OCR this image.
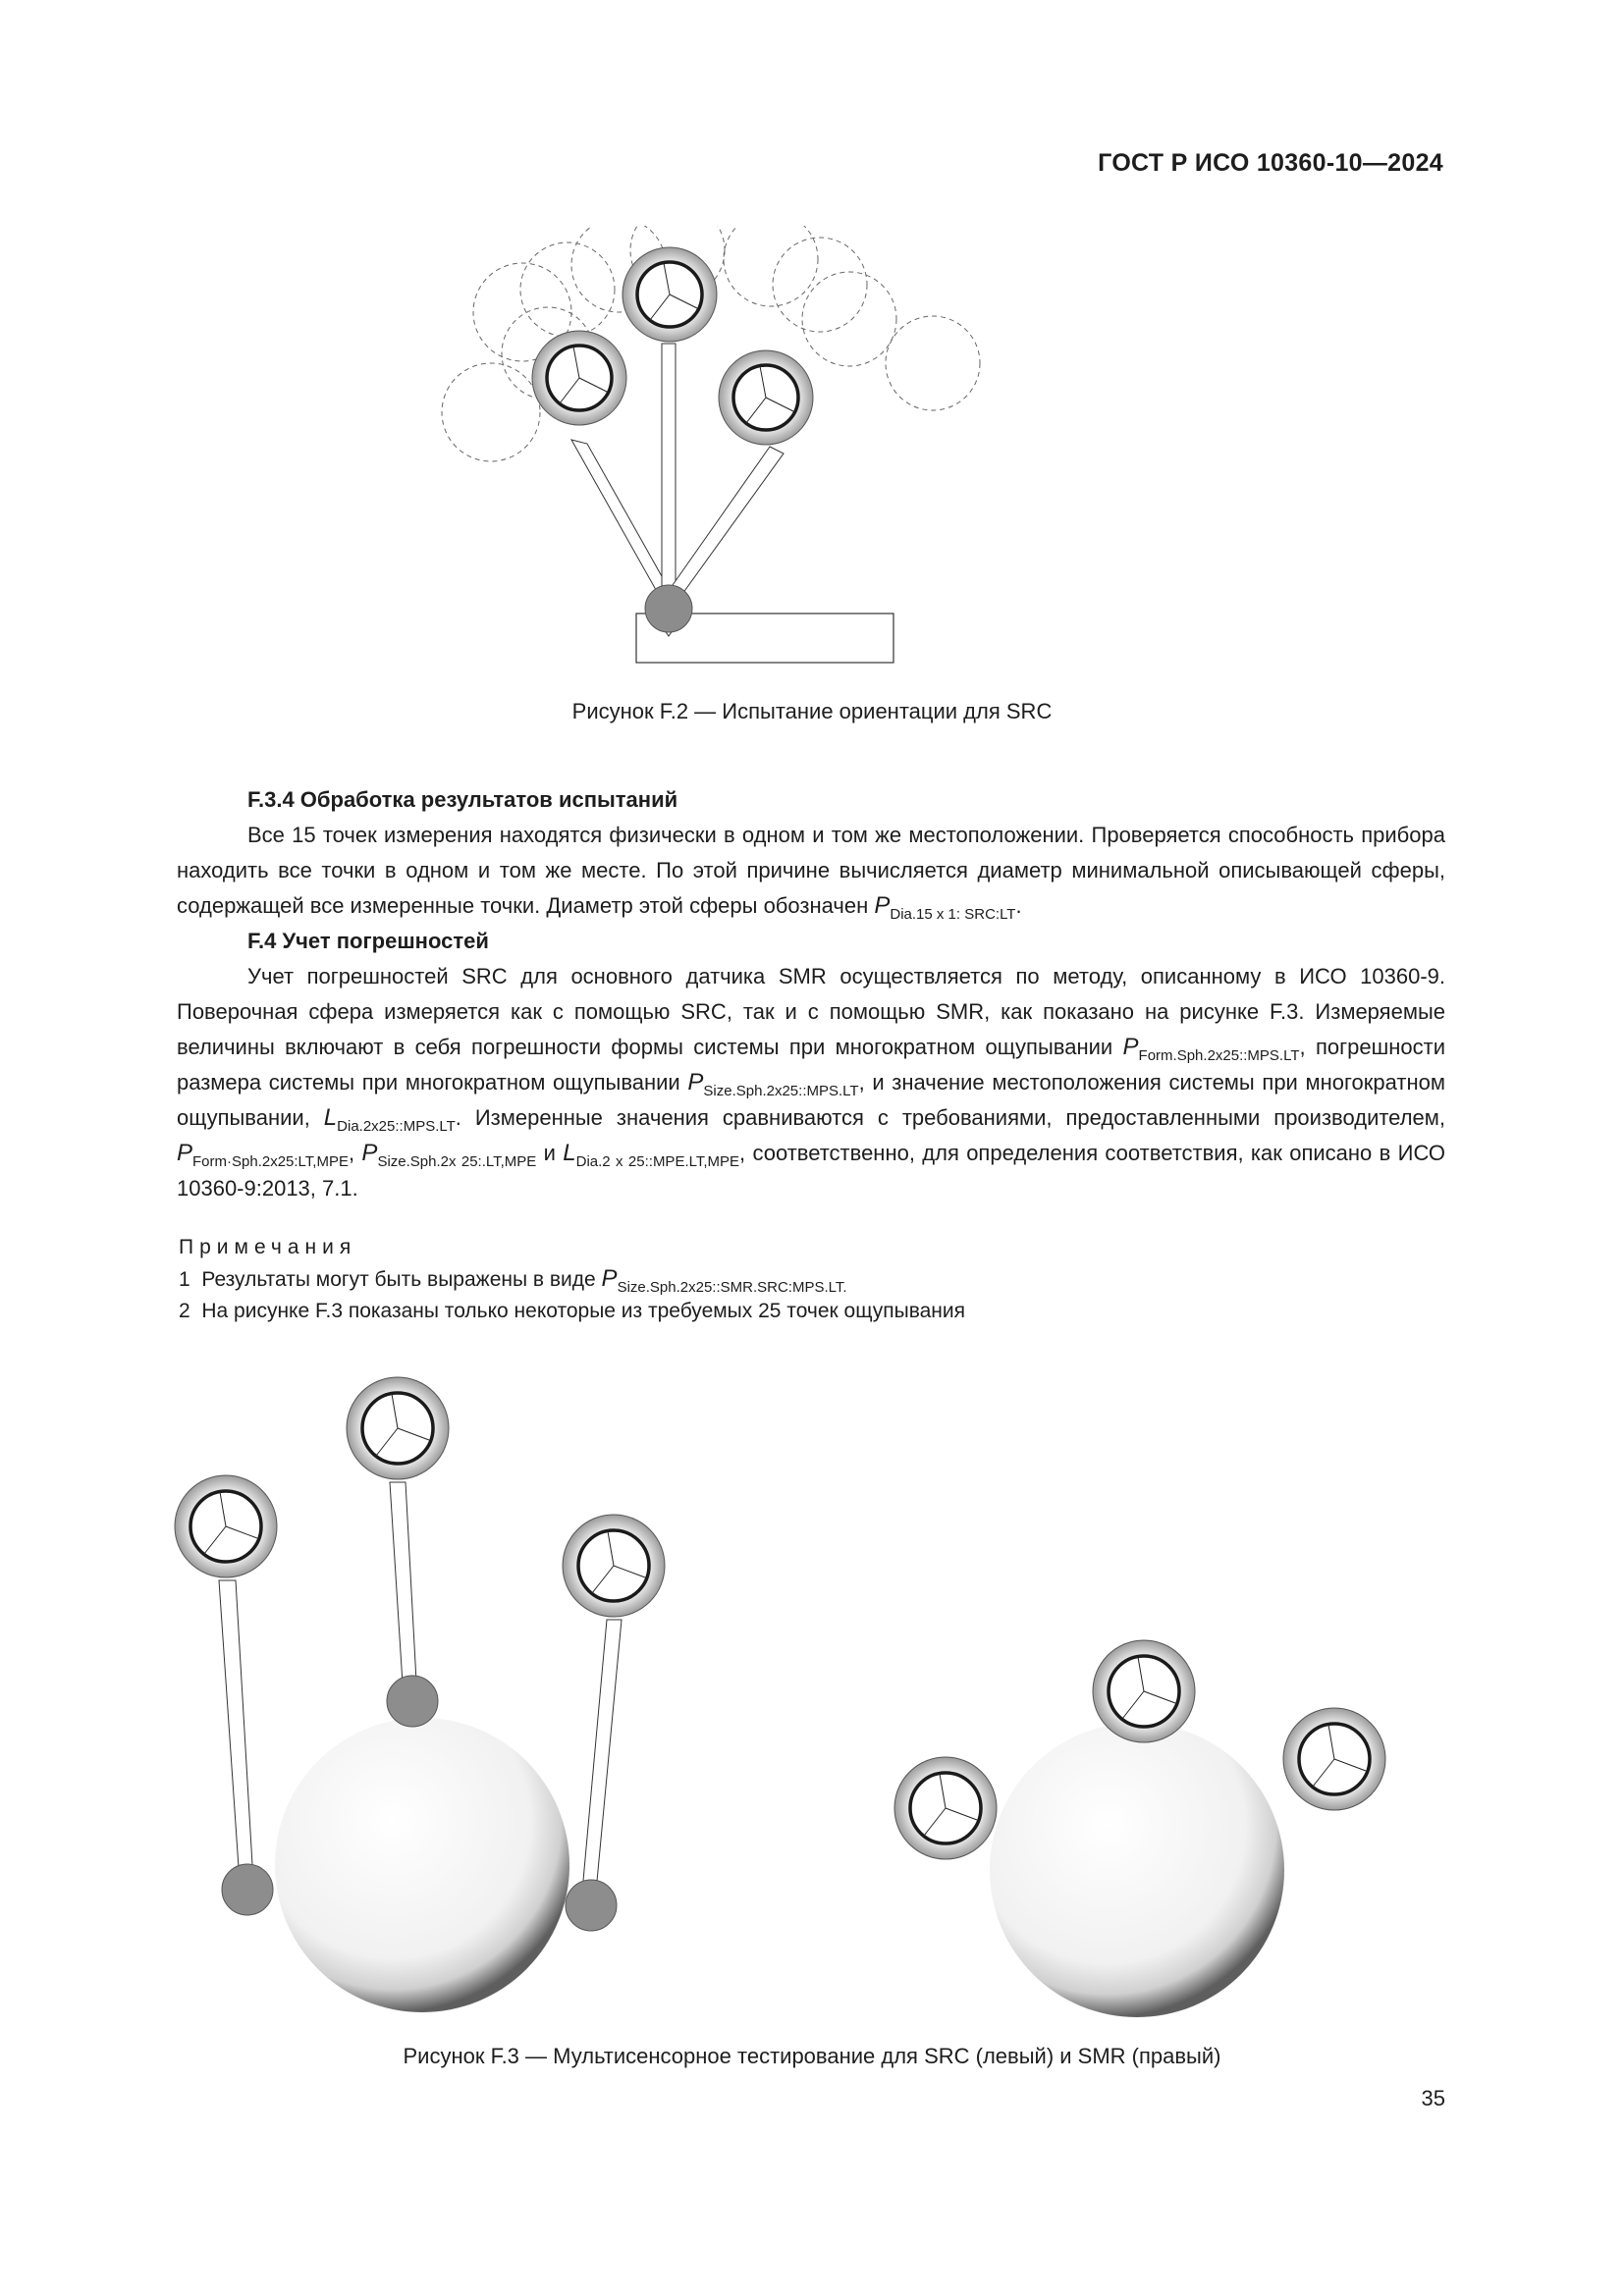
ГОСТ Р ИСО 10360-10—2024
Рисунок F.2 — Испытание ориентации для SRC
F.3.4 Обработка результатов испытаний

Все 15 точек измерения находятся физически в одном и том же местоположении. Проверяется способность прибора находить все точки в одном и том же месте. По этой причине вычисляется диаметр минимальной описывающей сферы, содержащей все измеренные точки. Диаметр этой сферы обозначен $P_{Dia.15 x 1: SRC:LT}$.

F.4 Учет погрешностей

Учет погрешностей SRC для основного датчика SMR осуществляется по методу, описанному в ИСО 10360-9. Поверочная сфера измеряется как с помощью SRC, так и с помощью SMR, как показано на рисунке F.3. Измеряемые величины включают в себя погрешности формы системы при многократном ощупывании $P_{Form.Sph.2x25::MPS.LT}$, погрешности размера системы при многократном ощупывании $P_{Size.Sph.2x25::MPS.LT}$, и значение местоположения системы при многократном ощупывании, $L_{Dia.2x25::MPS.LT}$. Измеренные значения сравниваются с требованиями, предоставленными производителем, $P_{Form\cdot Sph.2x25:LT,MPE}$, $P_{Size.Sph.2x 25:.LT,MPE}$ и $L_{Dia.2 x 25::MPE.LT,MPE}$, соответственно, для определения соответствия, как описано в ИСО 10360-9:2013, 7.1.

Примечания
1 Результаты могут быть выражены в виде $P_{Size.Sph.2x25::SMR.SRC:MPS.LT.}$
2 На рисунке F.3 показаны только некоторые из требуемых 25 точек ощупывания
Рисунок F.3 — Мультисенсорное тестирование для SRC (левый) и SMR (правый)
35
